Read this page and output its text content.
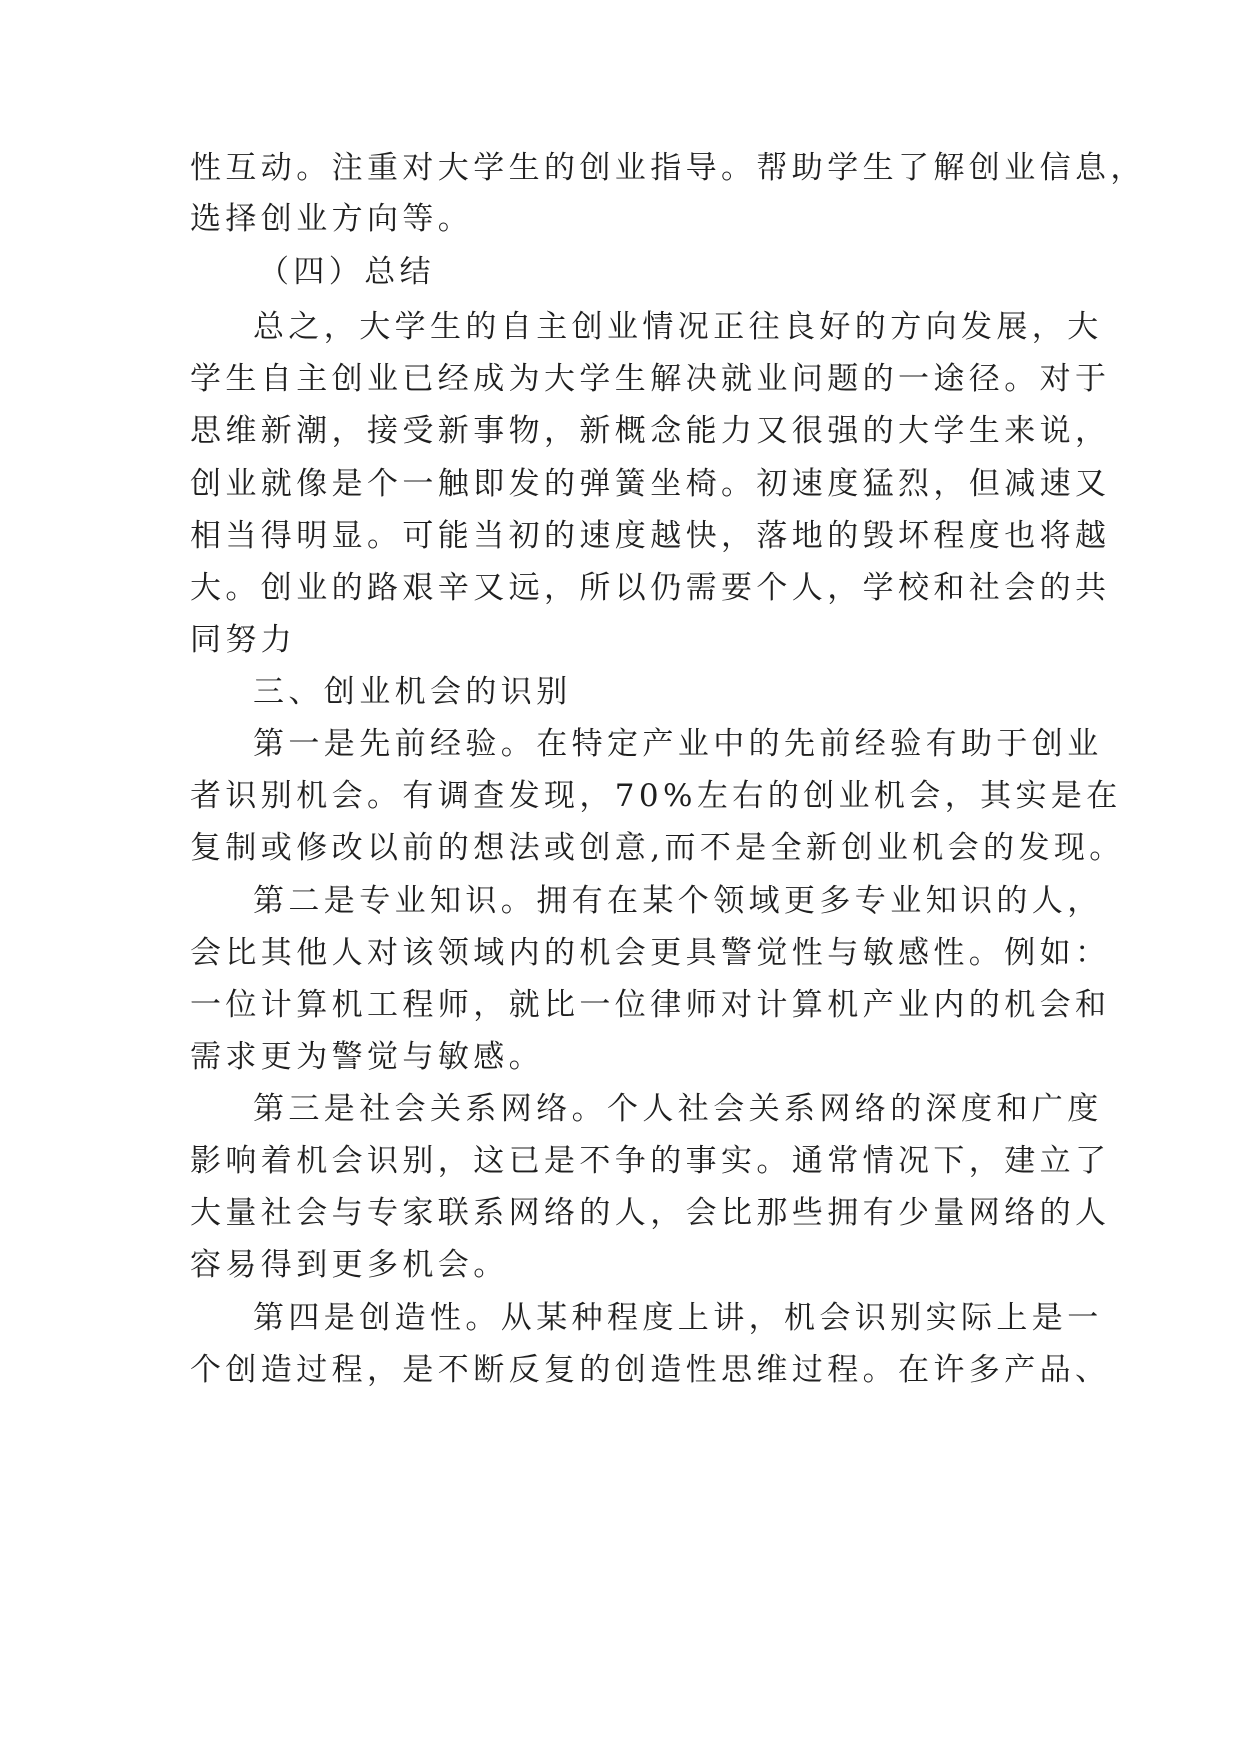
性互动。注重对大学生的创业指导。帮助学生了解创业信息，

选择创业方向等。

（四）总结

总之，大学生的自主创业情况正往良好的方向发展，大

学生自主创业已经成为大学生解决就业问题的一途径。对于

思维新潮，接受新事物，新概念能力又很强的大学生来说，

创业就像是个一触即发的弹簧坐椅。初速度猛烈，但减速又

相当得明显。可能当初的速度越快，落地的毁坏程度也将越

大。创业的路艰辛又远，所以仍需要个人，学校和社会的共

同努力

三、创业机会的识别

第一是先前经验。在特定产业中的先前经验有助于创业

者识别机会。有调查发现，70%左右的创业机会，其实是在

复制或修改以前的想法或创意,而不是全新创业机会的发现。

第二是专业知识。拥有在某个领域更多专业知识的人，

会比其他人对该领域内的机会更具警觉性与敏感性。例如：

一位计算机工程师，就比一位律师对计算机产业内的机会和

需求更为警觉与敏感。

第三是社会关系网络。个人社会关系网络的深度和广度

影响着机会识别，这已是不争的事实。通常情况下，建立了

大量社会与专家联系网络的人，会比那些拥有少量网络的人

容易得到更多机会。

第四是创造性。从某种程度上讲，机会识别实际上是一

个创造过程，是不断反复的创造性思维过程。在许多产品、
